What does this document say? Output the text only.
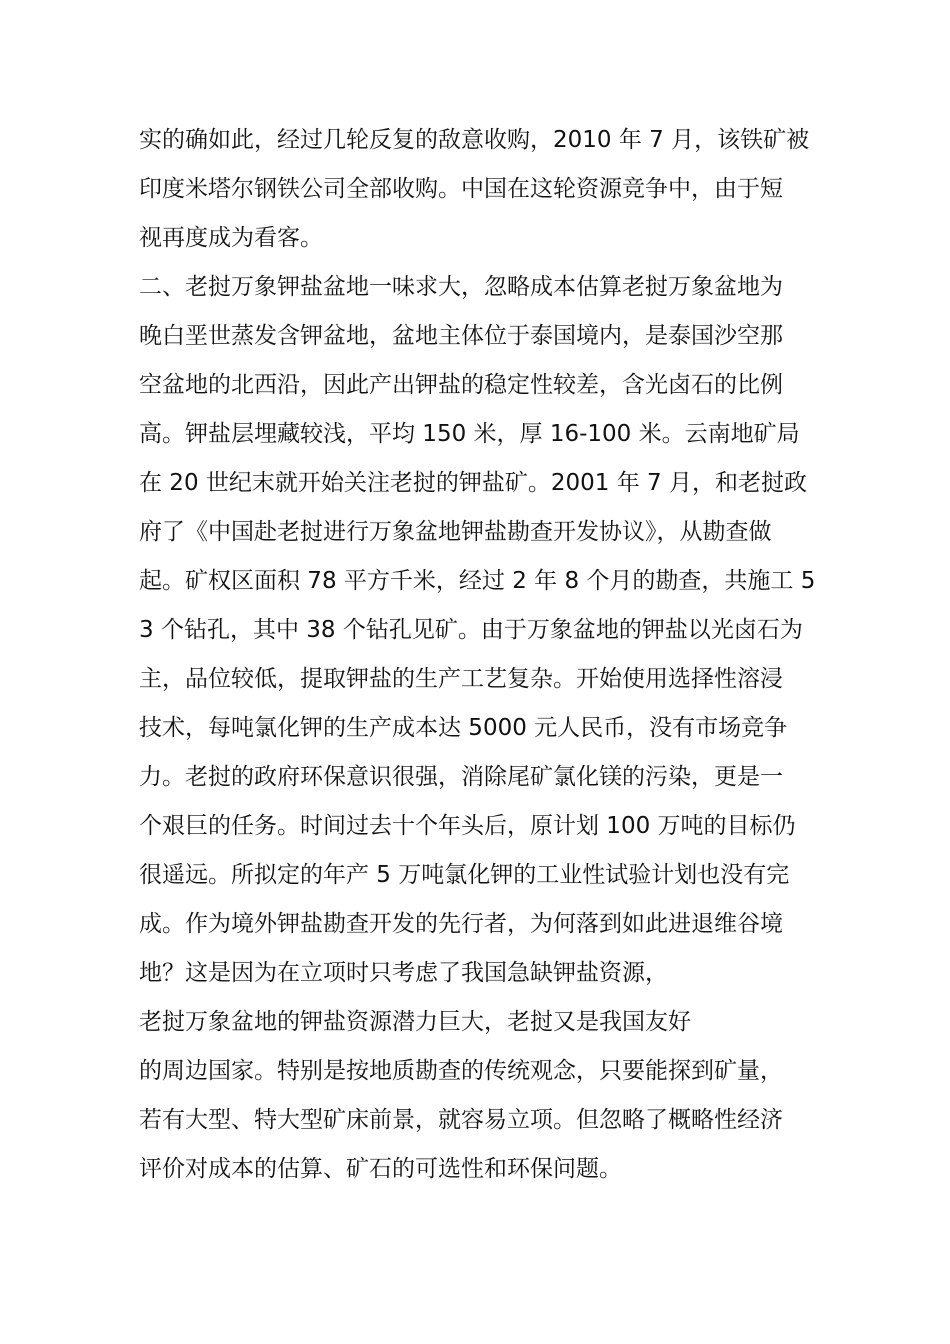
实的确如此，经过几轮反复的敌意收购，2010 年 7 月，该铁矿被
印度米塔尔钢铁公司全部收购。中国在这轮资源竞争中，由于短
视再度成为看客。
二、老挝万象钾盐盆地一味求大，忽略成本估算老挝万象盆地为
晚白垩世蒸发含钾盆地，盆地主体位于泰国境内，是泰国沙空那
空盆地的北西沿，因此产出钾盐的稳定性较差，含光卤石的比例
高。钾盐层埋藏较浅，平均 150 米，厚 16-100 米。云南地矿局
在 20 世纪末就开始关注老挝的钾盐矿。2001 年 7 月，和老挝政
府了《中国赴老挝进行万象盆地钾盐勘查开发协议》，从勘查做
起。矿权区面积 78 平方千米，经过 2 年 8 个月的勘查，共施工 5
3 个钻孔，其中 38 个钻孔见矿。由于万象盆地的钾盐以光卤石为
主，品位较低，提取钾盐的生产工艺复杂。开始使用选择性溶浸
技术，每吨氯化钾的生产成本达 5000 元人民币，没有市场竞争
力。老挝的政府环保意识很强，消除尾矿氯化镁的污染，更是一
个艰巨的任务。时间过去十个年头后，原计划 100 万吨的目标仍
很遥远。所拟定的年产 5 万吨氯化钾的工业性试验计划也没有完
成。作为境外钾盐勘查开发的先行者，为何落到如此进退维谷境
地？这是因为在立项时只考虑了我国急缺钾盐资源，
老挝万象盆地的钾盐资源潜力巨大，老挝又是我国友好
的周边国家。特别是按地质勘查的传统观念，只要能探到矿量，
若有大型、特大型矿床前景，就容易立项。但忽略了概略性经济
评价对成本的估算、矿石的可选性和环保问题。
